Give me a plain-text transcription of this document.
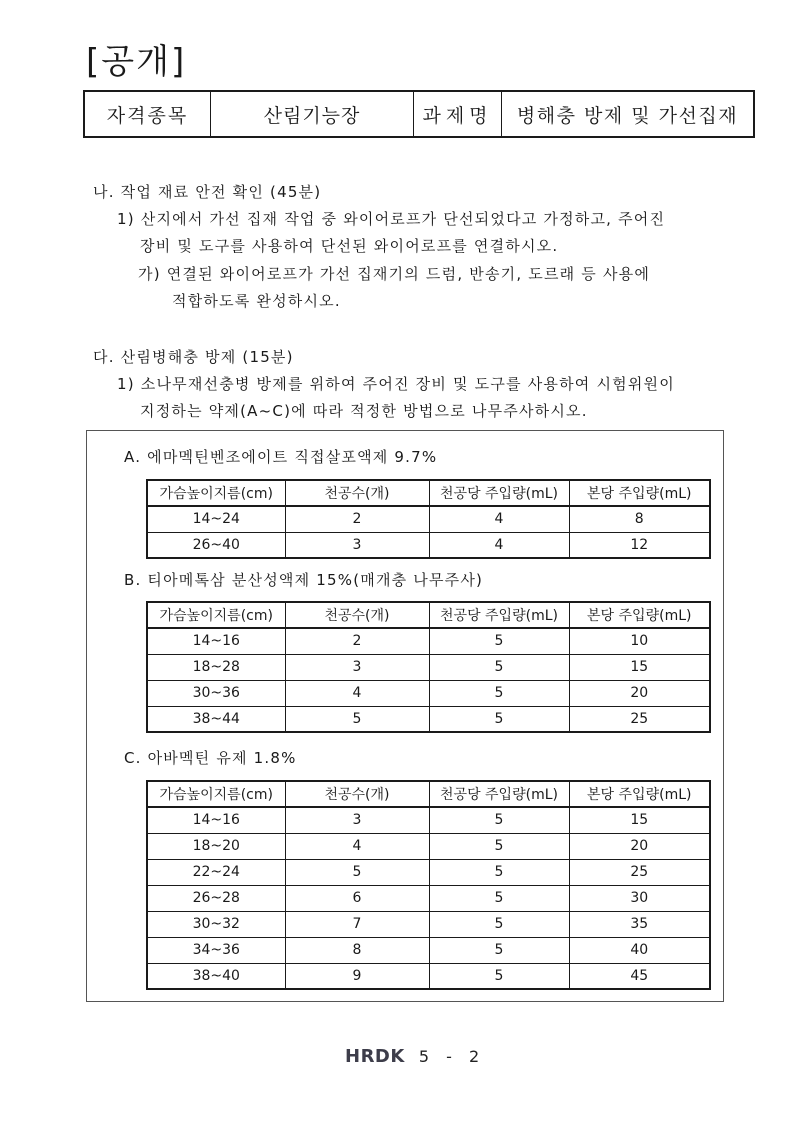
[공개]
자격종목	산림기능장	과제명	병해충 방제 및 가선집재
나. 작업 재료 안전 확인 (45분)
1) 산지에서 가선 집재 작업 중 와이어로프가 단선되었다고 가정하고, 주어진
장비 및 도구를 사용하여 단선된 와이어로프를 연결하시오.
가) 연결된 와이어로프가 가선 집재기의 드럼, 반송기, 도르래 등 사용에
적합하도록 완성하시오.
다. 산림병해충 방제 (15분)
1) 소나무재선충병 방제를 위하여 주어진 장비 및 도구를 사용하여 시험위원이
지정하는 약제(A~C)에 따라 적정한 방법으로 나무주사하시오.
A. 에마멕틴벤조에이트 직접살포액제 9.7%
가슴높이지름(cm)	천공수(개)	천공당 주입량(mL)	본당 주입량(mL)
14~24	2	4	8
26~40	3	4	12
B. 티아메톡삼 분산성액제 15%(매개충 나무주사)
가슴높이지름(cm)	천공수(개)	천공당 주입량(mL)	본당 주입량(mL)
14~16	2	5	10
18~28	3	5	15
30~36	4	5	20
38~44	5	5	25
C. 아바멕틴 유제 1.8%
가슴높이지름(cm)	천공수(개)	천공당 주입량(mL)	본당 주입량(mL)
14~16	3	5	15
18~20	4	5	20
22~24	5	5	25
26~28	6	5	30
30~32	7	5	35
34~36	8	5	40
38~40	9	5	45
HRDK 5 - 2
